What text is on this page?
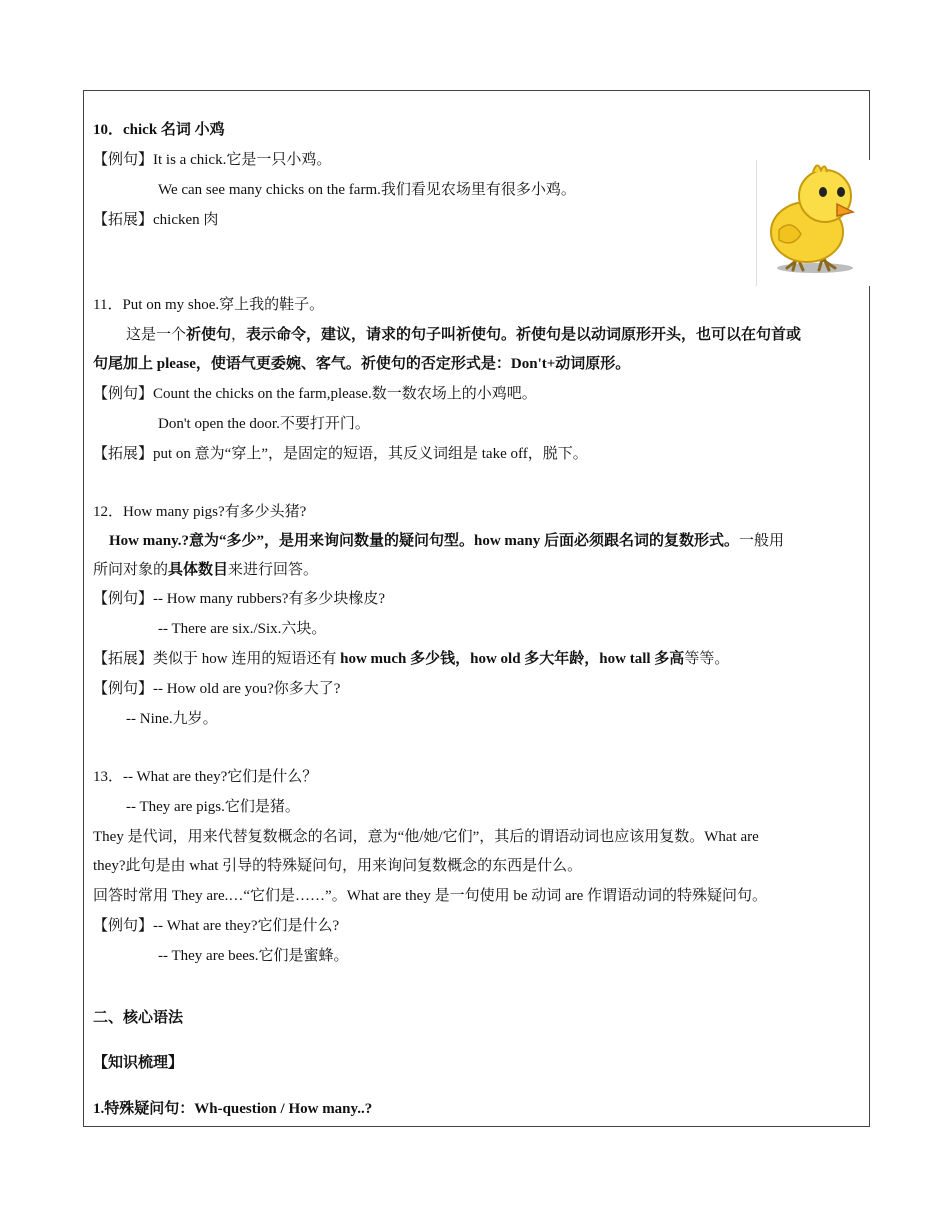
10．chick 名词 小鸡
【例句】It is a chick.它是一只小鸡。
We can see many chicks on the farm.我们看见农场里有很多小鸡。
【拓展】chicken 肉
11．Put on my shoe.穿上我的鞋子。
这是一个祈使句，表示命令，建议，请求的句子叫祈使句。祈使句是以动词原形开头，也可以在句首或
句尾加上 please，使语气更委婉、客气。祈使句的否定形式是：Don't+动词原形。
【例句】Count the chicks on the farm,please.数一数农场上的小鸡吧。
Don't open the door.不要打开门。
【拓展】put on 意为“穿上”，是固定的短语，其反义词组是 take off，脱下。
12．How many pigs?有多少头猪?
How many.?意为“多少”，是用来询问数量的疑问句型。how many 后面必须跟名词的复数形式。一般用
所问对象的具体数目来进行回答。
【例句】-- How many rubbers?有多少块橡皮?
-- There are six./Six.六块。
【拓展】类似于 how 连用的短语还有 how much 多少钱，how old 多大年龄，how tall 多高等等。
【例句】-- How old are you?你多大了?
-- Nine.九岁。
13．-- What are they?它们是什么？
-- They are pigs.它们是猪。
They 是代词，用来代替复数概念的名词，意为“他/她/它们”，其后的谓语动词也应该用复数。What are
they?此句是由 what 引导的特殊疑问句，用来询问复数概念的东西是什么。
回答时常用 They are.…“它们是……”。What are they 是一句使用 be 动词 are 作谓语动词的特殊疑问句。
【例句】-- What are they?它们是什么?
-- They are bees.它们是蜜蜂。
二、核心语法
【知识梳理】
1.特殊疑问句：Wh-question / How many..?
